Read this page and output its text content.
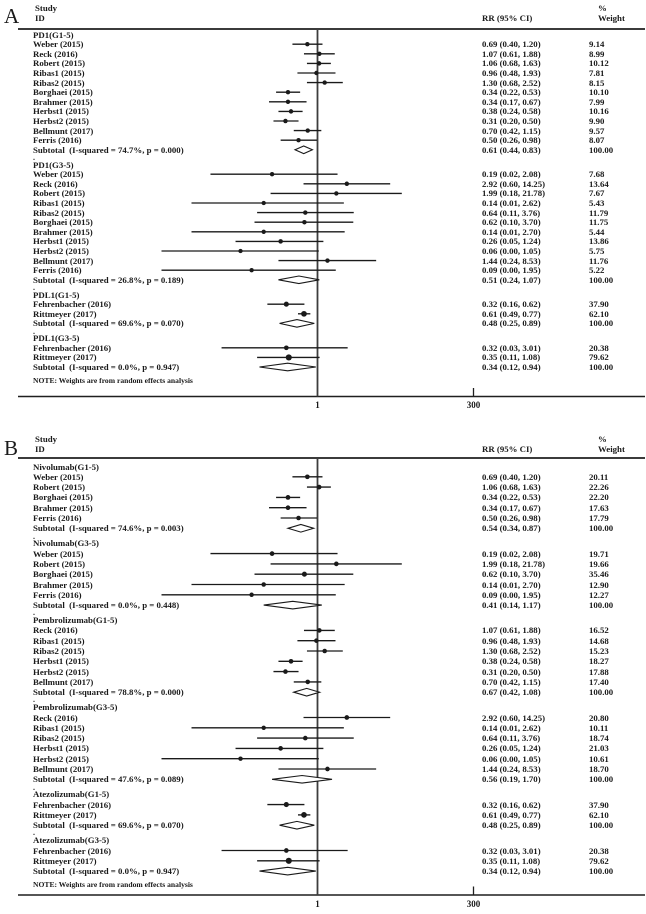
A Study
ID	RR (95% CI)
%
Weight
B Study
ID	RR (95% CI)
%
Weight
PD1(G1-5)
Weber (2015)	0.69 (0.40, 1.20)	9.14
Reck (2016)	1.07 (0.61, 1.88)	8.99
Robert (2015)	1.06 (0.68, 1.63)	10.12
Ribas1 (2015)	0.96 (0.48, 1.93)	7.81
Ribas2 (2015)	1.30 (0.68, 2.52)	8.15
Borghaei (2015)	0.34 (0.22, 0.53)	10.10
Brahmer (2015)	0.34 (0.17, 0.67)	7.99
Herbst1 (2015)	0.38 (0.24, 0.58)	10.16
Herbst2 (2015)	0.31 (0.20, 0.50)	9.90
Bellmunt (2017)	0.70 (0.42, 1.15)	9.57
Ferris (2016)	0.50 (0.26, 0.98)	8.07
Subtotal  (I-squared = 74.7%, p = 0.000)	0.61 (0.44, 0.83)	100.00
.
PD1(G3-5)
Weber (2015)	0.19 (0.02, 2.08)	7.68
Reck (2016)	2.92 (0.60, 14.25)	13.64
Robert (2015)	1.99 (0.18, 21.78)	7.67
Ribas1 (2015)	0.14 (0.01, 2.62)	5.43
Ribas2 (2015)	0.64 (0.11, 3.76)	11.79
Borghaei (2015)	0.62 (0.10, 3.70)	11.75
Brahmer (2015)	0.14 (0.01, 2.70)	5.44
Herbst1 (2015)	0.26 (0.05, 1.24)	13.86
Herbst2 (2015)	0.06 (0.00, 1.05)	5.75
Bellmunt (2017)	1.44 (0.24, 8.53)	11.76
Ferris (2016)	0.09 (0.00, 1.95)	5.22
Subtotal  (I-squared = 26.8%, p = 0.189)	0.51 (0.24, 1.07)	100.00
.
PDL1(G1-5)
Fehrenbacher (2016)	0.32 (0.16, 0.62)	37.90
Rittmeyer (2017)	0.61 (0.49, 0.77)	62.10
Subtotal  (I-squared = 69.6%, p = 0.070)	0.48 (0.25, 0.89)	100.00
.
PDL1(G3-5)
Fehrenbacher (2016)	0.32 (0.03, 3.01)	20.38
Rittmeyer (2017)	0.35 (0.11, 1.08)	79.62
Subtotal  (I-squared = 0.0%, p = 0.947)	0.34 (0.12, 0.94)	100.00
NOTE: Weights are from random effects analysis
Nivolumab(G1-5)
Weber (2015)	0.69 (0.40, 1.20)	20.11
Robert (2015)	1.06 (0.68, 1.63)	22.26
Borghaei (2015)	0.34 (0.22, 0.53)	22.20
Brahmer (2015)	0.34 (0.17, 0.67)	17.63
Ferris (2016)	0.50 (0.26, 0.98)	17.79
Subtotal  (I-squared = 74.6%, p = 0.003)	0.54 (0.34, 0.87)	100.00
.
Nivolumab(G3-5)
Weber (2015)	0.19 (0.02, 2.08)	19.71
Robert (2015)	1.99 (0.18, 21.78)	19.66
Borghaei (2015)	0.62 (0.10, 3.70)	35.46
Brahmer (2015)	0.14 (0.01, 2.70)	12.90
Ferris (2016)	0.09 (0.00, 1.95)	12.27
Subtotal  (I-squared = 0.0%, p = 0.448)	0.41 (0.14, 1.17)	100.00
.
Pembrolizumab(G1-5)
Reck (2016)	1.07 (0.61, 1.88)	16.52
Ribas1 (2015)	0.96 (0.48, 1.93)	14.68
Ribas2 (2015)	1.30 (0.68, 2.52)	15.23
Herbst1 (2015)	0.38 (0.24, 0.58)	18.27
Herbst2 (2015)	0.31 (0.20, 0.50)	17.88
Bellmunt (2017)	0.70 (0.42, 1.15)	17.40
Subtotal  (I-squared = 78.8%, p = 0.000)	0.67 (0.42, 1.08)	100.00
.
Pembrolizumab(G3-5)
Reck (2016)	2.92 (0.60, 14.25)	20.80
Ribas1 (2015)	0.14 (0.01, 2.62)	10.11
Ribas2 (2015)	0.64 (0.11, 3.76)	18.74
Herbst1 (2015)	0.26 (0.05, 1.24)	21.03
Herbst2 (2015)	0.06 (0.00, 1.05)	10.61
Bellmunt (2017)	1.44 (0.24, 8.53)	18.70
Subtotal  (I-squared = 47.6%, p = 0.089)	0.56 (0.19, 1.70)	100.00
.
Atezolizumab(G1-5)
Fehrenbacher (2016)	0.32 (0.16, 0.62)	37.90
Rittmeyer (2017)	0.61 (0.49, 0.77)	62.10
Subtotal  (I-squared = 69.6%, p = 0.070)	0.48 (0.25, 0.89)	100.00
.
Atezolizumab(G3-5)
Fehrenbacher (2016)	0.32 (0.03, 3.01)	20.38
Rittmeyer (2017)	0.35 (0.11, 1.08)	79.62
Subtotal  (I-squared = 0.0%, p = 0.947)	0.34 (0.12, 0.94)	100.00
NOTE: Weights are from random effects analysis
1	300
1	300
